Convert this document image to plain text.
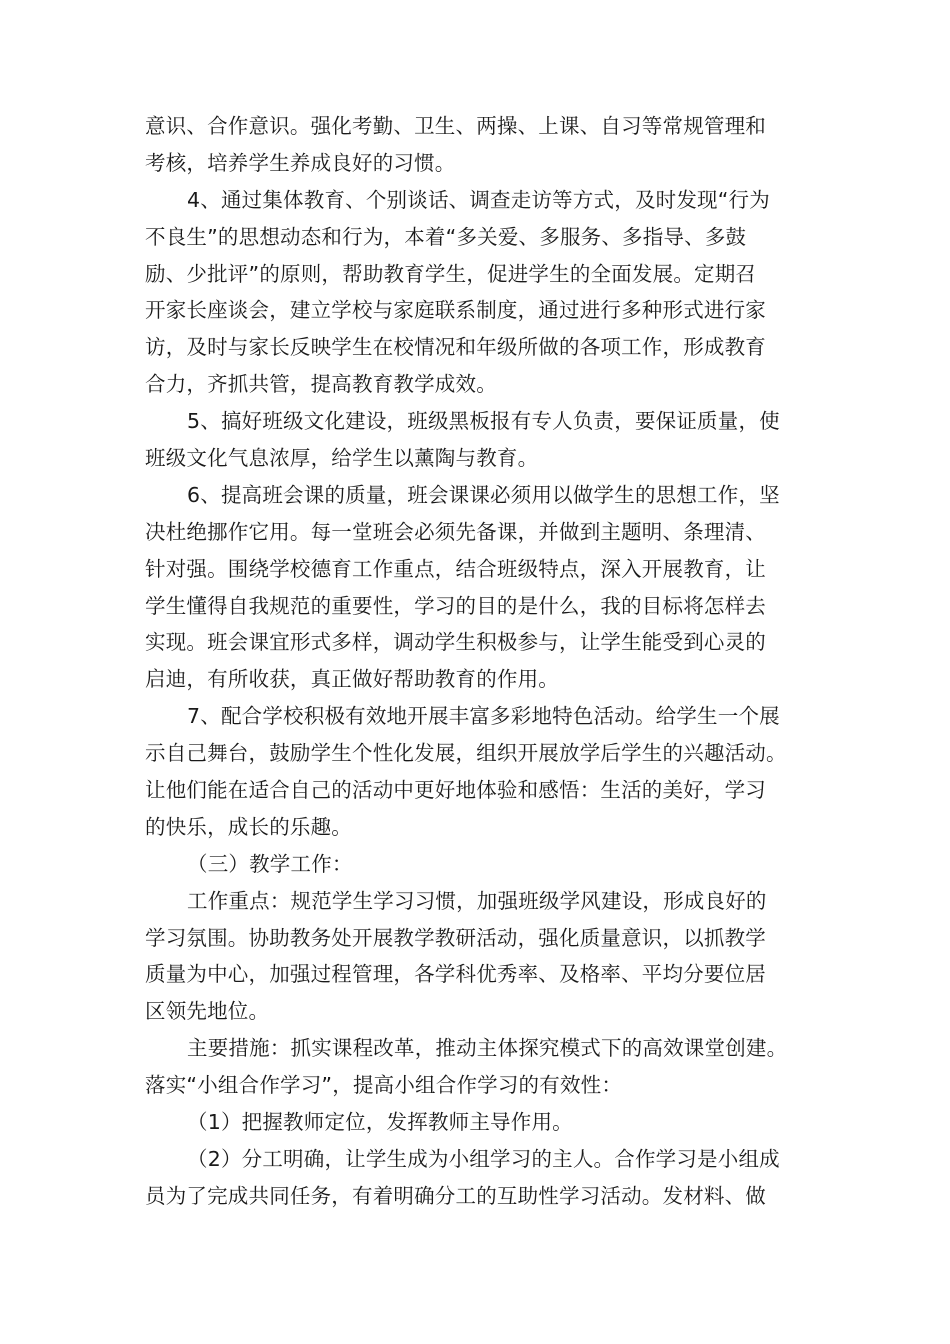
意识、合作意识。强化考勤、卫生、两操、上课、自习等常规管理和
考核，培养学生养成良好的习惯。
4、通过集体教育、个别谈话、调查走访等方式，及时发现“行为
不良生”的思想动态和行为，本着“多关爱、多服务、多指导、多鼓
励、少批评”的原则，帮助教育学生，促进学生的全面发展。定期召
开家长座谈会，建立学校与家庭联系制度，通过进行多种形式进行家
访，及时与家长反映学生在校情况和年级所做的各项工作，形成教育
合力，齐抓共管，提高教育教学成效。
5、搞好班级文化建设，班级黑板报有专人负责，要保证质量，使
班级文化气息浓厚，给学生以薰陶与教育。
6、提高班会课的质量，班会课课必须用以做学生的思想工作，坚
决杜绝挪作它用。每一堂班会必须先备课，并做到主题明、条理清、
针对强。围绕学校德育工作重点，结合班级特点，深入开展教育，让
学生懂得自我规范的重要性，学习的目的是什么，我的目标将怎样去
实现。班会课宜形式多样，调动学生积极参与，让学生能受到心灵的
启迪，有所收获，真正做好帮助教育的作用。
7、配合学校积极有效地开展丰富多彩地特色活动。给学生一个展
示自己舞台，鼓励学生个性化发展，组织开展放学后学生的兴趣活动。
让他们能在适合自己的活动中更好地体验和感悟：生活的美好，学习
的快乐，成长的乐趣。
（三）教学工作：
工作重点：规范学生学习习惯，加强班级学风建设，形成良好的
学习氛围。协助教务处开展教学教研活动，强化质量意识，以抓教学
质量为中心，加强过程管理，各学科优秀率、及格率、平均分要位居
区领先地位。
主要措施：抓实课程改革，推动主体探究模式下的高效课堂创建。
落实“小组合作学习”，提高小组合作学习的有效性：
（1）把握教师定位，发挥教师主导作用。
（2）分工明确，让学生成为小组学习的主人。合作学习是小组成
员为了完成共同任务，有着明确分工的互助性学习活动。发材料、做
